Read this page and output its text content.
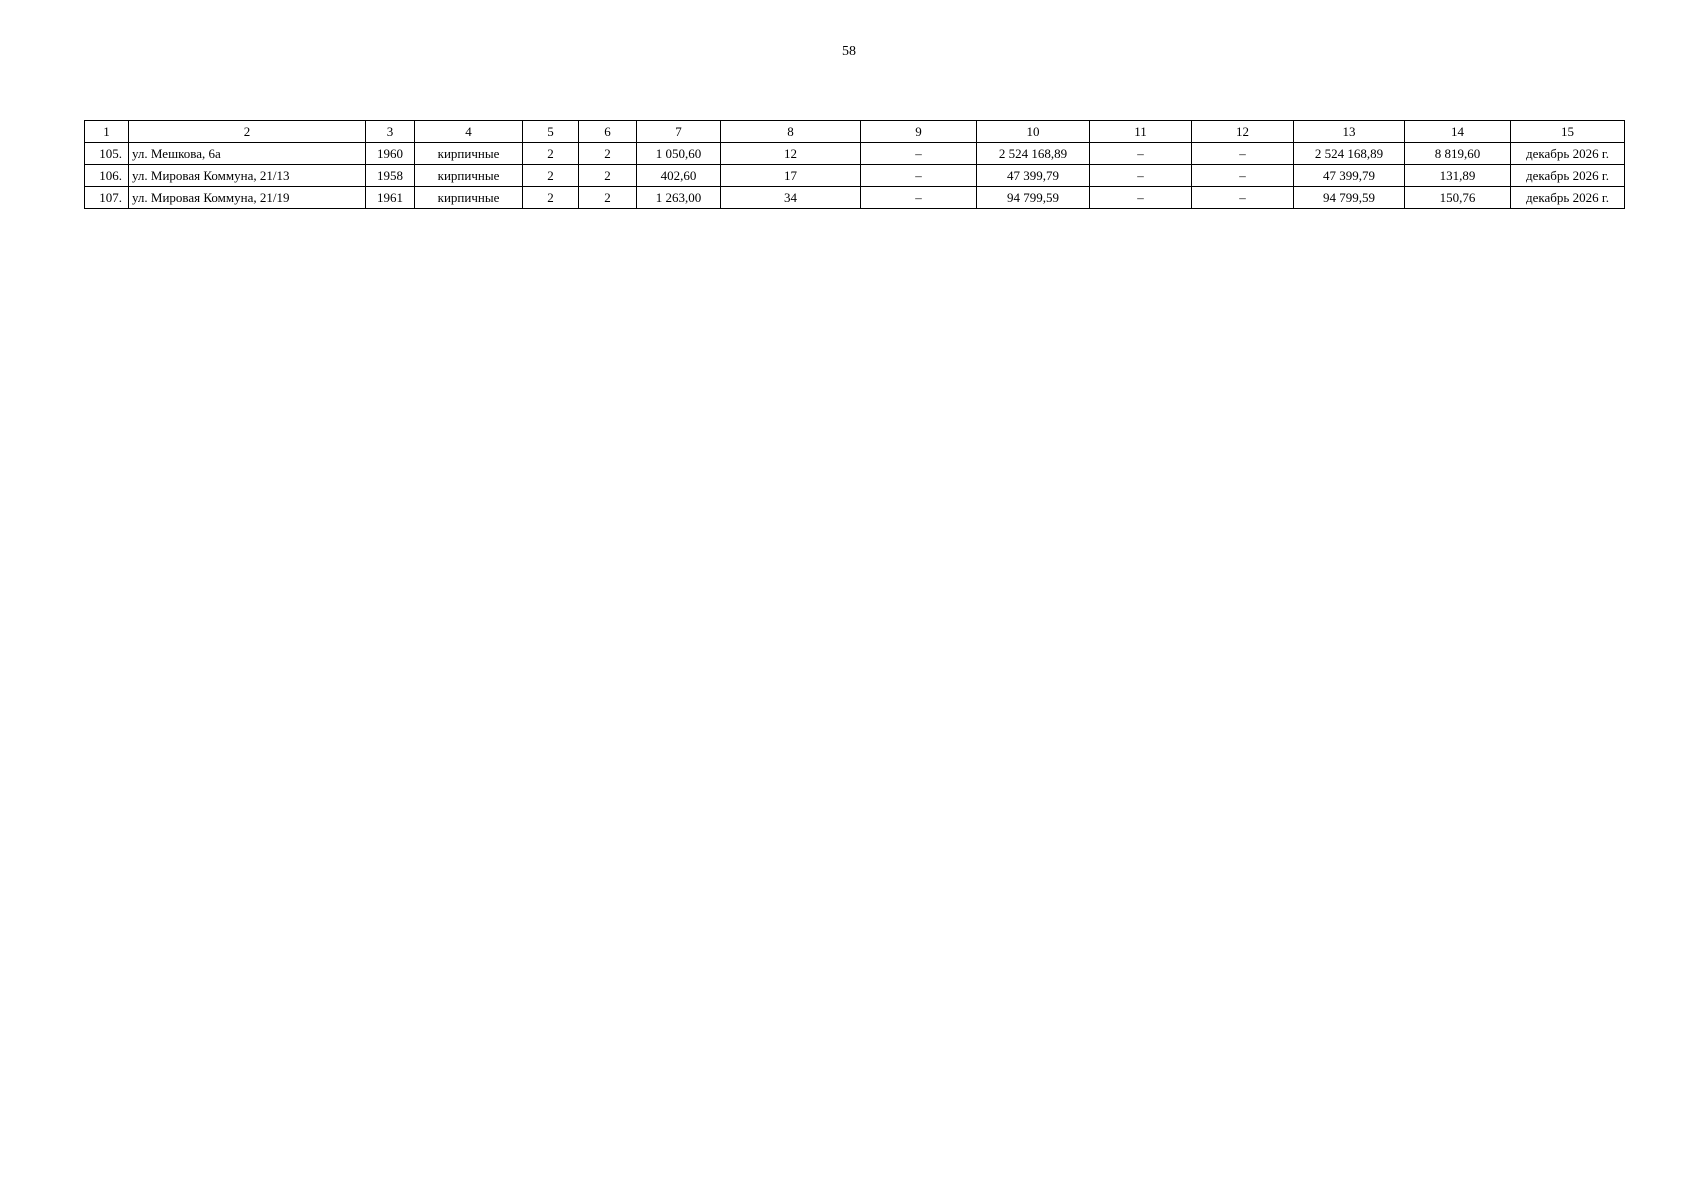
58
1	2	3	4	5	6	7	8	9	10	11	12	13	14	15
105.	ул. Мешкова, 6а	1960	кирпичные	2	2	1 050,60	12	–	2 524 168,89	–	–	2 524 168,89	8 819,60	декабрь 2026 г.
106.	ул. Мировая Коммуна, 21/13	1958	кирпичные	2	2	402,60	17	–	47 399,79	–	–	47 399,79	131,89	декабрь 2026 г.
107.	ул. Мировая Коммуна, 21/19	1961	кирпичные	2	2	1 263,00	34	–	94 799,59	–	–	94 799,59	150,76	декабрь 2026 г.
